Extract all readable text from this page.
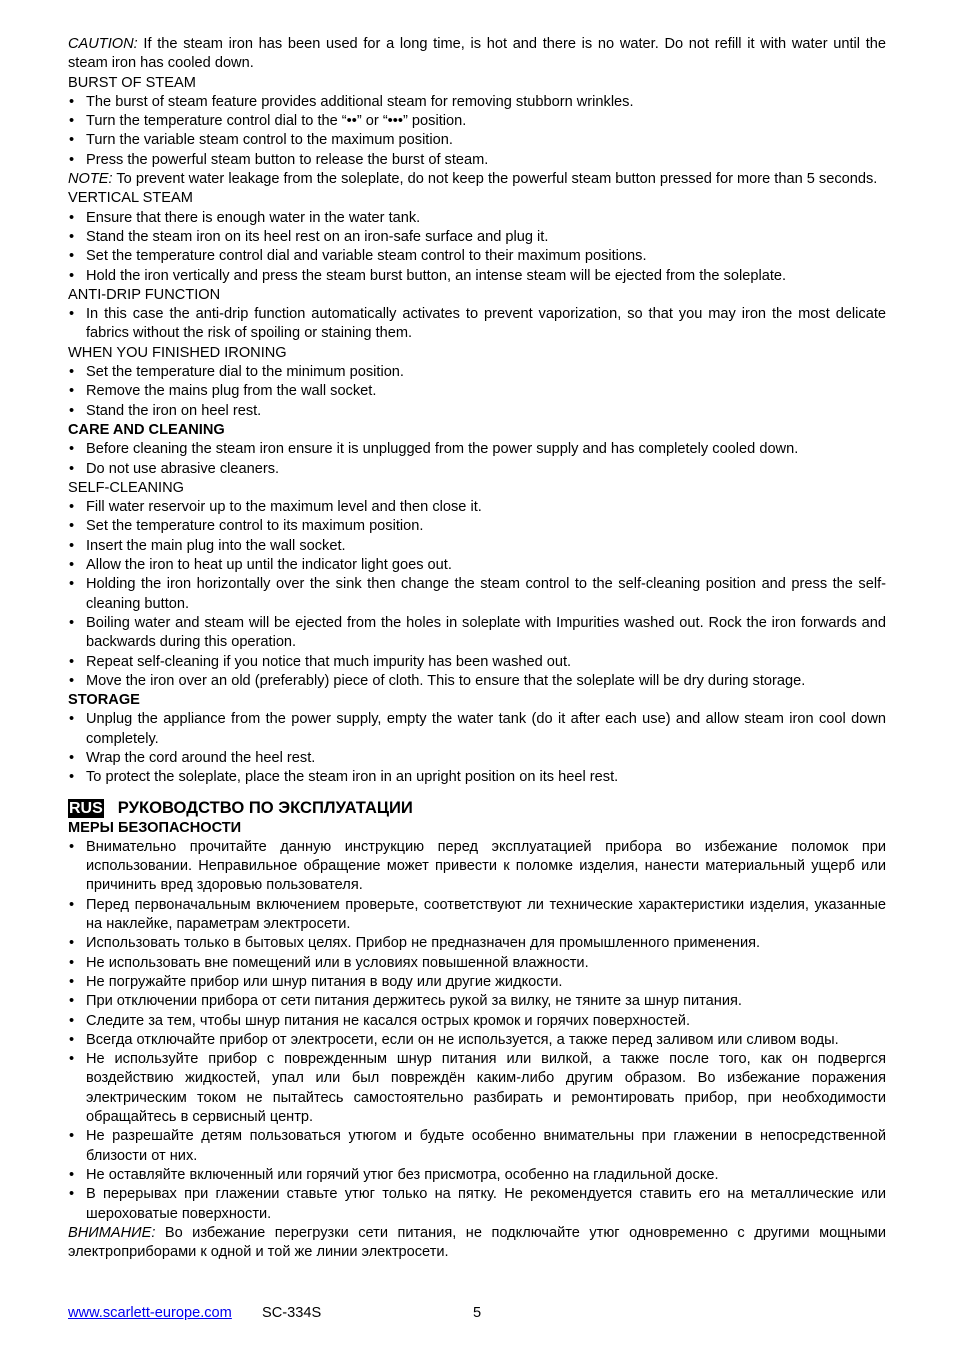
CAUTION: If the steam iron has been used for a long time, is hot and there is no water. Do not refill it with water until the steam iron has cooled down.

BURST OF STEAM

• The burst of steam feature provides additional steam for removing stubborn wrinkles.
• Turn the temperature control dial to the “••” or “•••” position.
• Turn the variable steam control to the maximum position.
• Press the powerful steam button to release the burst of steam.

NOTE: To prevent water leakage from the soleplate, do not keep the powerful steam button pressed for more than 5 seconds.

VERTICAL STEAM

• Ensure that there is enough water in the water tank.
• Stand the steam iron on its heel rest on an iron-safe surface and plug it.
• Set the temperature control dial and variable steam control to their maximum positions.
• Hold the iron vertically and press the steam burst button, an intense steam will be ejected from the soleplate.

ANTI-DRIP FUNCTION

• In this case the anti-drip function automatically activates to prevent vaporization, so that you may iron the most delicate fabrics without the risk of spoiling or staining them.

WHEN YOU FINISHED IRONING

• Set the temperature dial to the minimum position.
• Remove the mains plug from the wall socket.
• Stand the iron on heel rest.

CARE AND CLEANING

• Before cleaning the steam iron ensure it is unplugged from the power supply and has completely cooled down.
• Do not use abrasive cleaners.

SELF-CLEANING

• Fill water reservoir up to the maximum level and then close it.
• Set the temperature control to its maximum position.
• Insert the main plug into the wall socket.
• Allow the iron to heat up until the indicator light goes out.
• Holding the iron horizontally over the sink then change the steam control to the self-cleaning position and press the self-cleaning button.
• Boiling water and steam will be ejected from the holes in soleplate with Impurities washed out. Rock the iron forwards and backwards during this operation.
• Repeat self-cleaning if you notice that much impurity has been washed out.
• Move the iron over an old (preferably) piece of cloth. This to ensure that the soleplate will be dry during storage.

STORAGE

• Unplug the appliance from the power supply, empty the water tank (do it after each use) and allow steam iron cool down completely.
• Wrap the cord around the heel rest.
• To protect the soleplate, place the steam iron in an upright position on its heel rest.

RUS РУКОВОДСТВО ПО ЭКСПЛУАТАЦИИ

МЕРЫ БЕЗОПАСНОСТИ

• Внимательно прочитайте данную инструкцию перед эксплуатацией прибора во избежание поломок при использовании. Неправильное обращение может привести к поломке изделия, нанести материальный ущерб или причинить вред здоровью пользователя.
• Перед первоначальным включением проверьте, соответствуют ли технические характеристики изделия, указанные на наклейке, параметрам электросети.
• Использовать только в бытовых целях. Прибор не предназначен для промышленного применения.
• Не использовать вне помещений или в условиях повышенной влажности.
• Не погружайте прибор или шнур питания в воду или другие жидкости.
• При отключении прибора от сети питания держитесь рукой за вилку, не тяните за шнур питания.
• Следите за тем, чтобы шнур питания не касался острых кромок и горячих поверхностей.
• Всегда отключайте прибор от электросети, если он не используется, а также перед заливом или сливом воды.
• Не используйте прибор с поврежденным шнур питания или вилкой, а также после того, как он подвергся воздействию жидкостей, упал или был повреждён каким-либо другим образом. Во избежание поражения электрическим током не пытайтесь самостоятельно разбирать и ремонтировать прибор, при необходимости обращайтесь в сервисный центр.
• Не разрешайте детям пользоваться утюгом и будьте особенно внимательны при глажении в непосредственной близости от них.
• Не оставляйте включенный или горячий утюг без присмотра, особенно на гладильной доске.
• В перерывах при глажении ставьте утюг только на пятку. Не рекомендуется ставить его на металлические или шероховатые поверхности.

ВНИМАНИЕ: Во избежание перегрузки сети питания, не подключайте утюг одновременно с другими мощными электроприборами к одной и той же линии электросети.

www.scarlett-europe.com SC-334S	5
